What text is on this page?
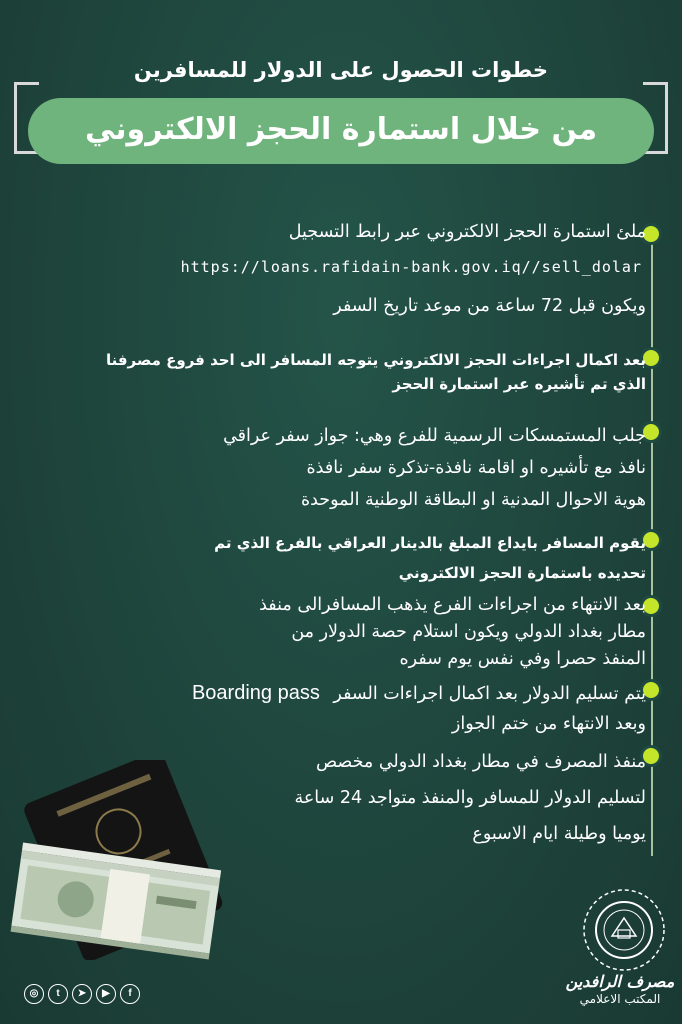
خطوات الحصول على الدولار للمسافرين
من خلال استمارة الحجز الالكتروني
ملئ استمارة الحجز الالكتروني عبر رابط التسجيل
https://loans.rafidain-bank.gov.iq//sell_dolar
ويكون قبل 72 ساعة من موعد تاريخ السفر
بعد اكمال اجراءات الحجز الالكتروني يتوجه المسافر الى احد فروع مصرفنا
الذي تم تأشيره عبر استمارة الحجز
جلب المستمسكات الرسمية للفرع وهي: جواز سفر عراقي
نافذ مع تأشيره او اقامة نافذة-تذكرة سفر نافذة
هوية الاحوال المدنية او البطاقة الوطنية الموحدة
يقوم المسافر بايداع المبلغ بالدينار العراقي بالفرع الذي تم
تحديده باستمارة الحجز الالكتروني
بعد الانتهاء من اجراءات الفرع يذهب المسافرالى منفذ
مطار بغداد الدولي ويكون استلام حصة الدولار من
المنفذ حصرا وفي نفس يوم سفره
يتم تسليم الدولار بعد اكمال اجراءات السفر Boarding pass
وبعد الانتهاء من ختم الجواز
منفذ المصرف في مطار بغداد الدولي مخصص
لتسليم الدولار للمسافر والمنفذ متواجد 24 ساعة
يوميا وطيلة ايام الاسبوع
مصرف الرافدين
المكتب الاعلامي
◎	t	➤	▶	f
